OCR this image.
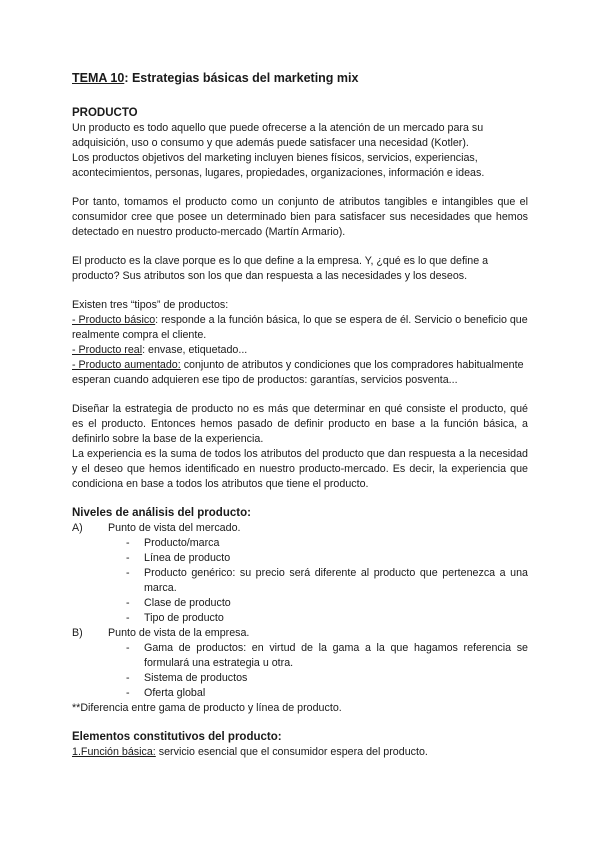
TEMA 10: Estrategias básicas del marketing mix
PRODUCTO

Un producto es todo aquello que puede ofrecerse a la atención de un mercado para su adquisición, uso o consumo y que además puede satisfacer una necesidad (Kotler).

Los productos objetivos del marketing incluyen bienes físicos, servicios, experiencias, acontecimientos, personas, lugares, propiedades, organizaciones, información e ideas.

Por tanto, tomamos el producto como un conjunto de atributos tangibles e intangibles que el consumidor cree que posee un determinado bien para satisfacer sus necesidades que hemos detectado en nuestro producto-mercado (Martín Armario).

El producto es la clave porque es lo que define a la empresa. Y, ¿qué es lo que define a producto? Sus atributos son los que dan respuesta a las necesidades y los deseos.

Existen tres “tipos” de productos:

- Producto básico: responde a la función básica, lo que se espera de él. Servicio o beneficio que realmente compra el cliente.

- Producto real: envase, etiquetado...

- Producto aumentado: conjunto de atributos y condiciones que los compradores habitualmente esperan cuando adquieren ese tipo de productos: garantías, servicios posventa...

Diseñar la estrategia de producto no es más que determinar en qué consiste el producto, qué es el producto. Entonces hemos pasado de definir producto en base a la función básica, a definirlo sobre la base de la experiencia.

La experiencia es la suma de todos los atributos del producto que dan respuesta a la necesidad y el deseo que hemos identificado en nuestro producto-mercado. Es decir, la experiencia que condiciona en base a todos los atributos que tiene el producto.

Niveles de análisis del producto:
A) Punto de vista del mercado.
- Producto/marca
- Línea de producto
- Producto genérico: su precio será diferente al producto que pertenezca a una marca.
- Clase de producto
- Tipo de producto
B) Punto de vista de la empresa.
- Gama de productos: en virtud de la gama a la que hagamos referencia se formulará una estrategia u otra.
- Sistema de productos
- Oferta global

**Diferencia entre gama de producto y línea de producto.

Elementos constitutivos del producto:

1.Función básica: servicio esencial que el consumidor espera del producto.
